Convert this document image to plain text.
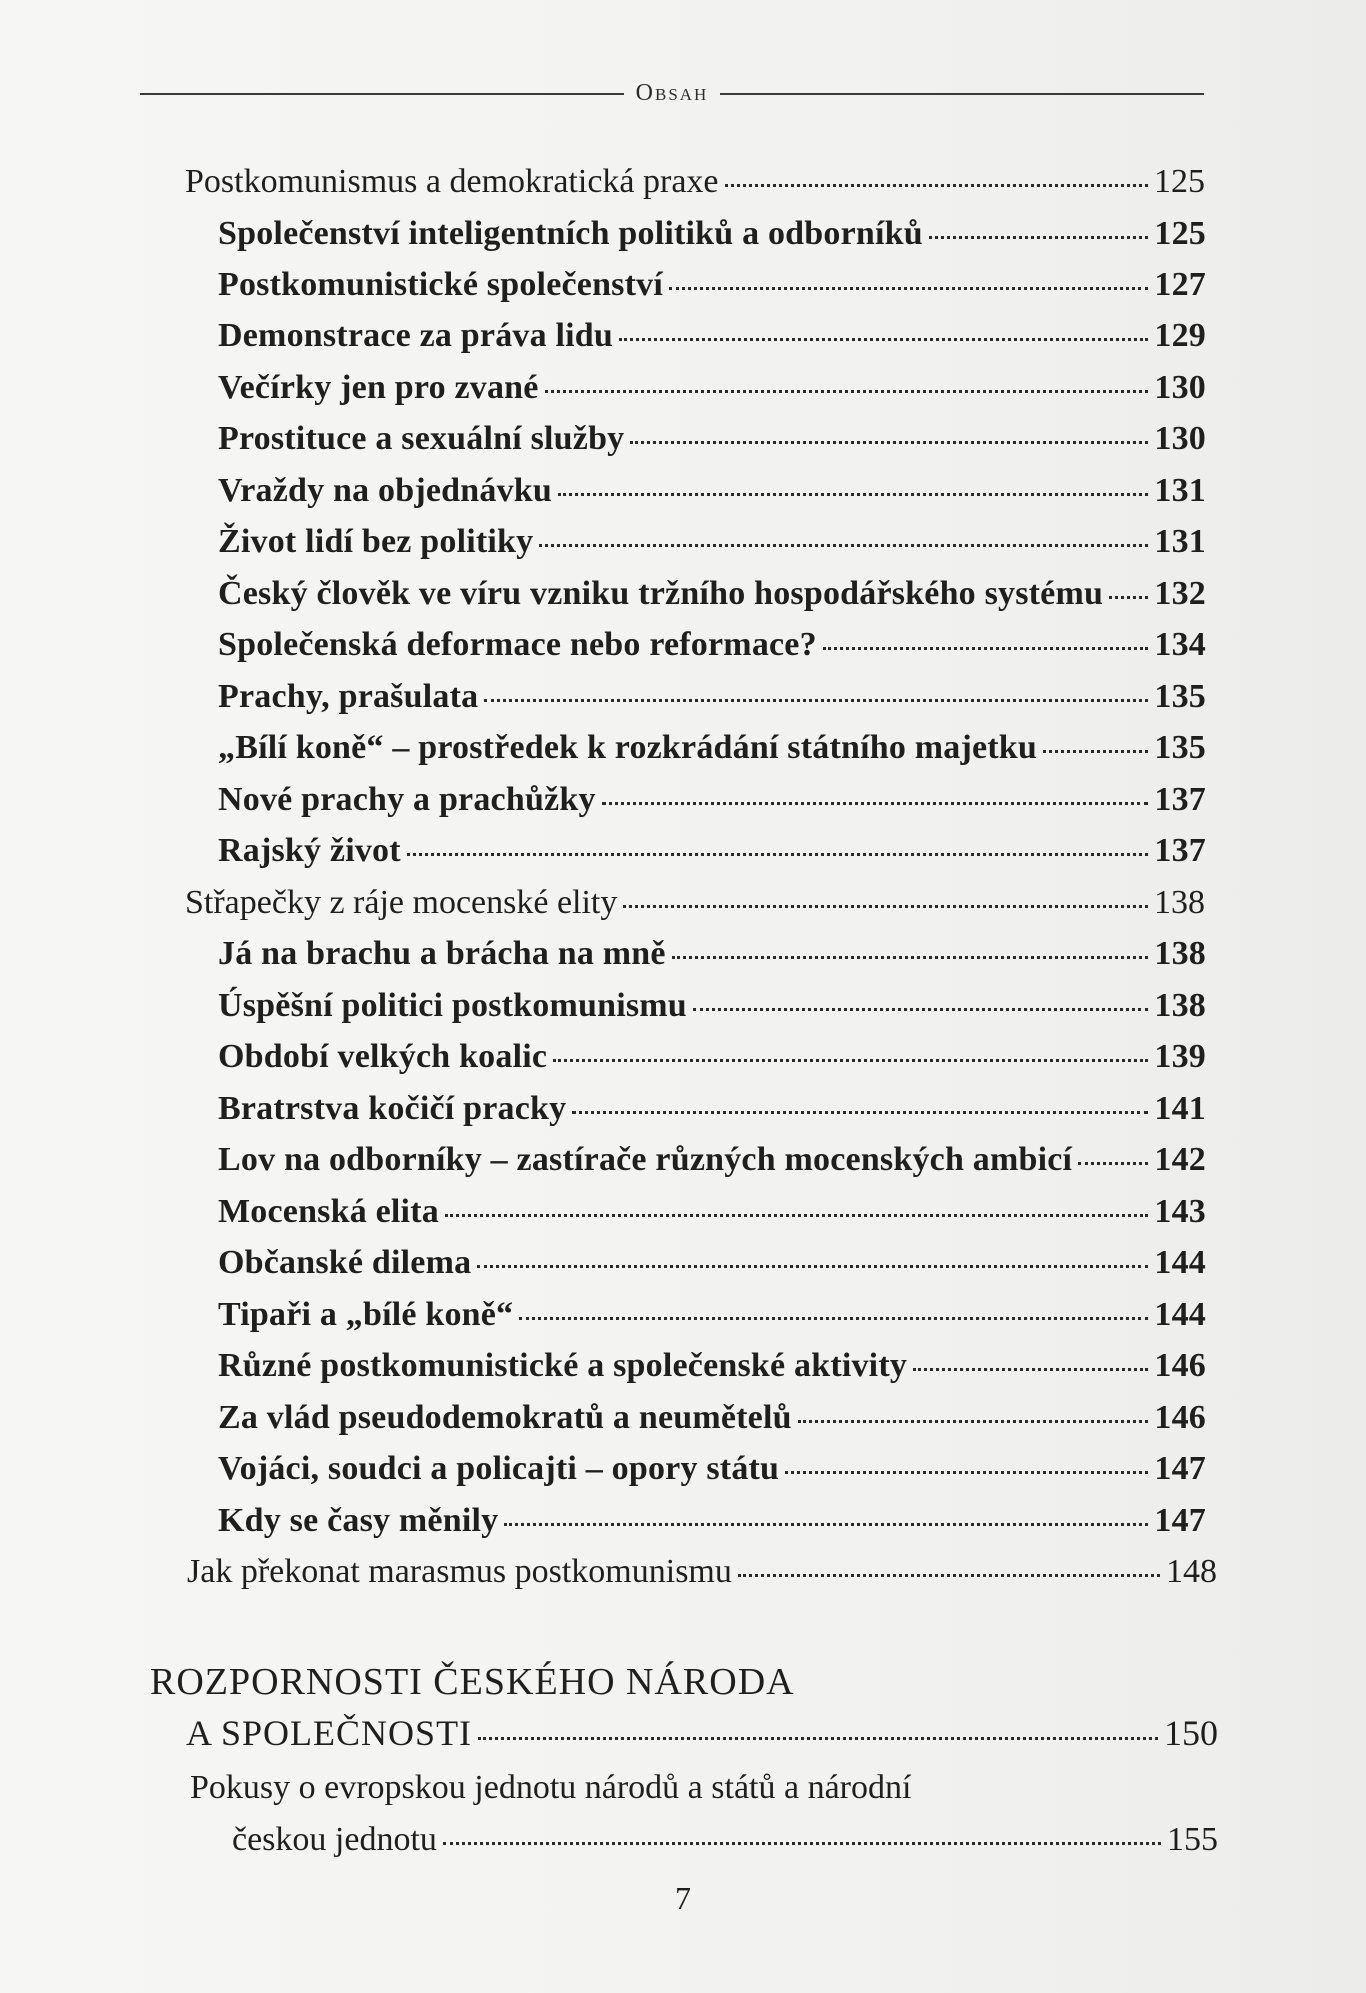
Obsah
Postkomunismus a demokratická praxe	125
Společenství inteligentních politiků a odborníků	125
Postkomunistické společenství	127
Demonstrace za práva lidu	129
Večírky jen pro zvané	130
Prostituce a sexuální služby	130
Vraždy na objednávku	131
Život lidí bez politiky	131
Český člověk ve víru vzniku tržního hospodářského systému 132
Společenská deformace nebo reformace?	134
Prachy, prašulata	135
„Bílí koně“ – prostředek k rozkrádání státního majetku	135
Nové prachy a prachůžky	137
Rajský život	137
Střapečky z ráje mocenské elity	138
Já na brachu a brácha na mně	138
Úspěšní politici postkomunismu	138
Období velkých koalic	139
Bratrstva kočičí pracky	141
Lov na odborníky – zastírače různých mocenských ambicí 142
Mocenská elita	143
Občanské dilema	144
Tipaři a „bílé koně“	144
Různé postkomunistické a společenské aktivity	146
Za vlád pseudodemokratů a neumětelů	146
Vojáci, soudci a policajti – opory státu	147
Kdy se časy měnily	147
Jak překonat marasmus postkomunismu	148
ROZPORNOSTI ČESKÉHO NÁRODA
A SPOLEČNOSTI	150
Pokusy o evropskou jednotu národů a států a národní
českou jednotu	155
7
